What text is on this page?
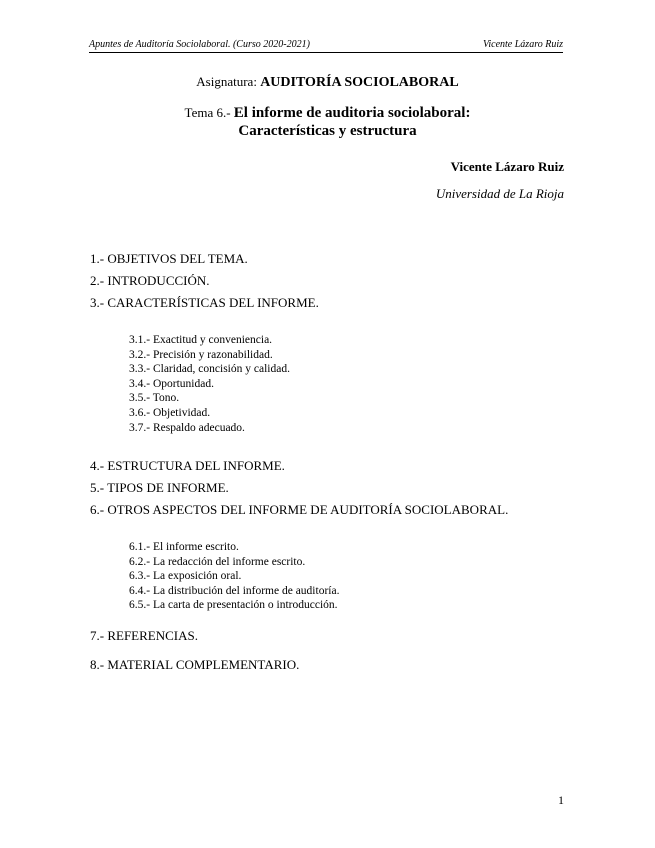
Apuntes de Auditoría Sociolaboral. (Curso 2020-2021)	Vicente Lázaro Ruiz
Asignatura: AUDITORÍA SOCIOLABORAL
Tema 6.- El informe de auditoria sociolaboral:
Características y estructura
Vicente Lázaro Ruiz
Universidad de La Rioja
1.- OBJETIVOS DEL TEMA.
2.- INTRODUCCIÓN.
3.- CARACTERÍSTICAS DEL INFORME.
3.1.- Exactitud y conveniencia.
3.2.- Precisión y razonabilidad.
3.3.- Claridad, concisión y calidad.
3.4.- Oportunidad.
3.5.- Tono.
3.6.- Objetividad.
3.7.- Respaldo adecuado.
4.- ESTRUCTURA DEL INFORME.
5.- TIPOS DE INFORME.
6.- OTROS ASPECTOS DEL INFORME DE AUDITORÍA SOCIOLABORAL.
6.1.- El informe escrito.
6.2.- La redacción del informe escrito.
6.3.- La exposición oral.
6.4.- La distribución del informe de auditoría.
6.5.- La carta de presentación o introducción.
7.- REFERENCIAS.
8.- MATERIAL COMPLEMENTARIO.
1
